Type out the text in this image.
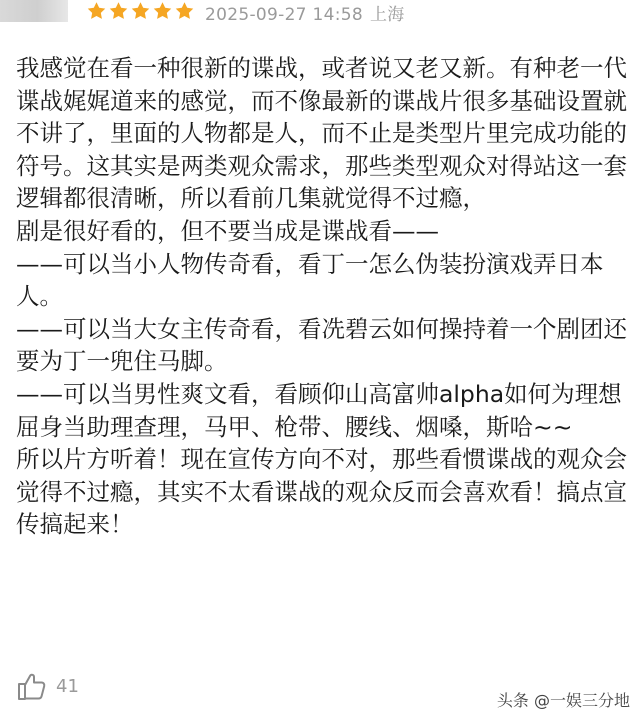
2025-09-27 14:58 上海

我感觉在看一种很新的谍战，或者说又老又新。有种老一代谍战娓娓道来的感觉，而不像最新的谍战片很多基础设置就不讲了，里面的人物都是人，而不止是类型片里完成功能的符号。这其实是两类观众需求，那些类型观众对得站这一套逻辑都很清晰，所以看前几集就觉得不过瘾，

剧是很好看的，但不要当成是谍战看——

——可以当小人物传奇看，看丁一怎么伪装扮演戏弄日本人。

——可以当大女主传奇看，看冼碧云如何操持着一个剧团还要为丁一兜住马脚。

——可以当男性爽文看，看顾仰山高富帅alpha如何为理想屈身当助理查理，马甲、枪带、腰线、烟嗓，斯哈~~

所以片方听着！现在宣传方向不对，那些看惯谍战的观众会觉得不过瘾，其实不太看谍战的观众反而会喜欢看！搞点宣传搞起来！

41
头条 @一娱三分地
